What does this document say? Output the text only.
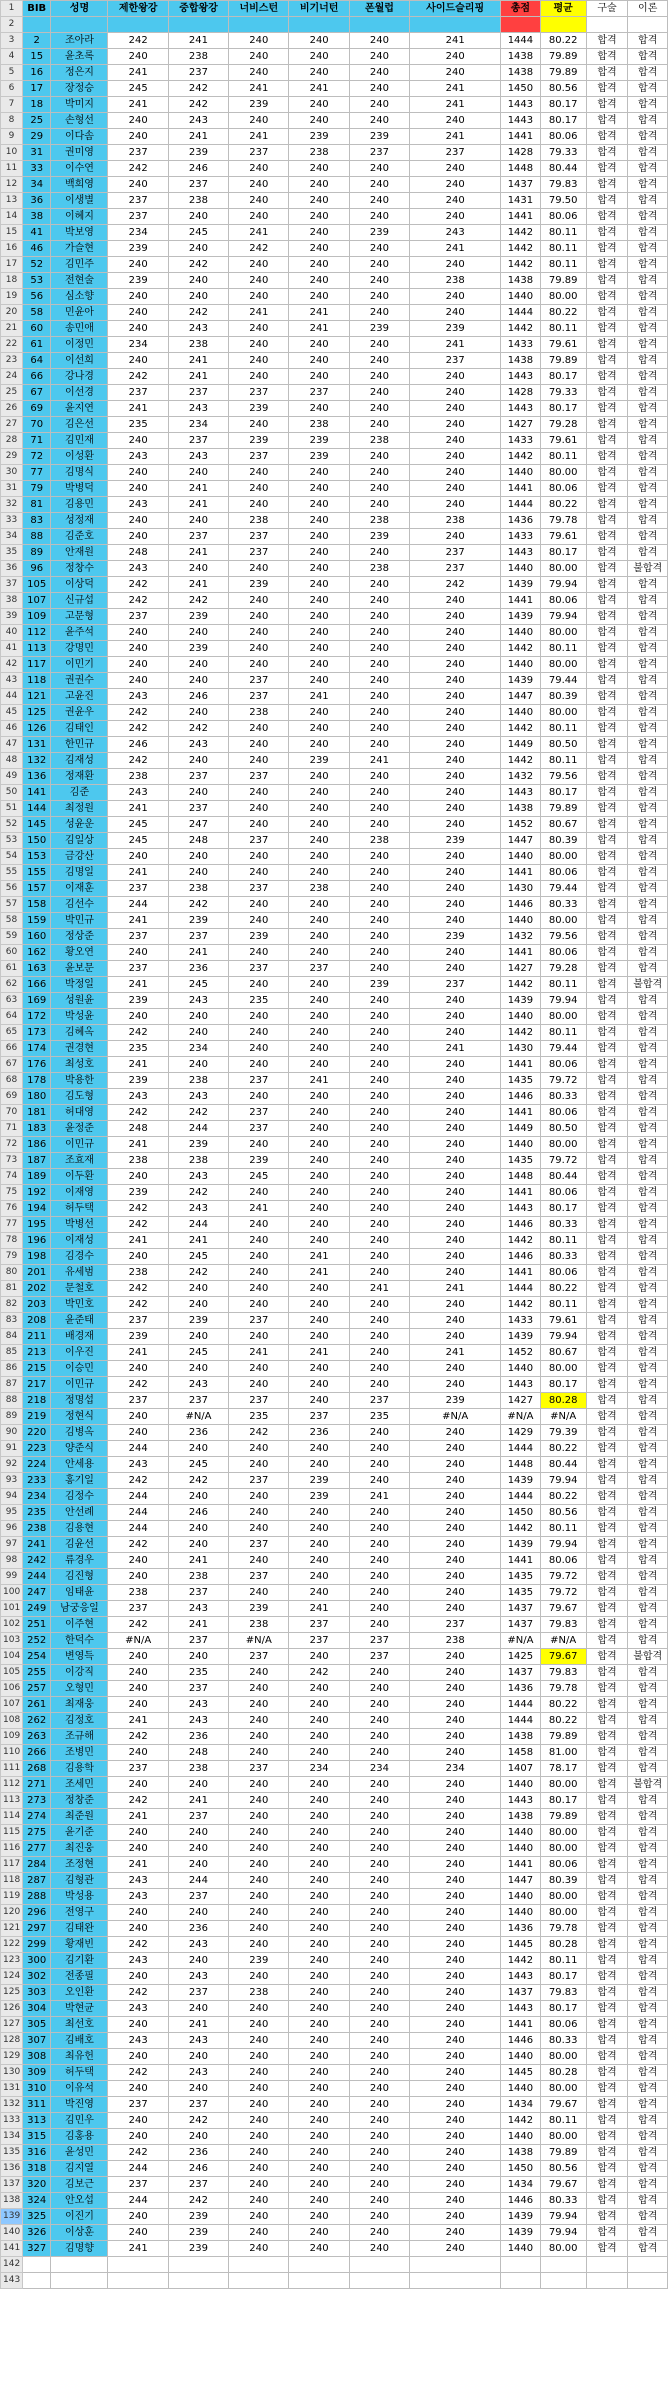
1	BIB	성명	제한왕강	중합왕강	너비스턴	비기너턴	폰월럽	사이드슬리핑	총점	평균	구술	이론
2												
3	2	조아라	242	241	240	240	240	241	1444	80.22	합격	합격
4	15	윤초록	240	238	240	240	240	240	1438	79.89	합격	합격
5	16	정은지	241	237	240	240	240	240	1438	79.89	합격	합격
6	17	장정승	245	242	241	241	240	241	1450	80.56	합격	합격
7	18	박미지	241	242	239	240	240	241	1443	80.17	합격	합격
8	25	손형선	240	243	240	240	240	240	1443	80.17	합격	합격
9	29	이다솜	240	241	241	239	239	241	1441	80.06	합격	합격
10	31	권미영	237	239	237	238	237	237	1428	79.33	합격	합격
11	33	이수연	242	246	240	240	240	240	1448	80.44	합격	합격
12	34	백희영	240	237	240	240	240	240	1437	79.83	합격	합격
13	36	이생별	237	238	240	240	240	240	1431	79.50	합격	합격
14	38	이혜지	237	240	240	240	240	240	1441	80.06	합격	합격
15	41	박보영	234	245	241	240	239	243	1442	80.11	합격	합격
16	46	가슬현	239	240	242	240	240	241	1442	80.11	합격	합격
17	52	김민주	240	242	240	240	240	240	1442	80.11	합격	합격
18	53	전현술	239	240	240	240	240	238	1438	79.89	합격	합격
19	56	심소향	240	240	240	240	240	240	1440	80.00	합격	합격
20	58	민윤아	240	242	241	241	240	240	1444	80.22	합격	합격
21	60	송민애	240	243	240	241	239	239	1442	80.11	합격	합격
22	61	이정민	234	238	240	240	240	241	1433	79.61	합격	합격
23	64	이선희	240	241	240	240	240	237	1438	79.89	합격	합격
24	66	강나경	242	241	240	240	240	240	1443	80.17	합격	합격
25	67	이선경	237	237	237	237	240	240	1428	79.33	합격	합격
26	69	윤지연	241	243	239	240	240	240	1443	80.17	합격	합격
27	70	김은선	235	234	240	238	240	240	1427	79.28	합격	합격
28	71	김민재	240	237	239	239	238	240	1433	79.61	합격	합격
29	72	이성환	243	243	237	239	240	240	1442	80.11	합격	합격
30	77	김명식	240	240	240	240	240	240	1440	80.00	합격	합격
31	79	박병덕	240	241	240	240	240	240	1441	80.06	합격	합격
32	81	김용민	243	241	240	240	240	240	1444	80.22	합격	합격
33	83	성정재	240	240	238	240	238	238	1436	79.78	합격	합격
34	88	김준호	240	237	237	240	239	240	1433	79.61	합격	합격
35	89	안재원	248	241	237	240	240	237	1443	80.17	합격	합격
36	96	정창수	243	240	240	240	238	237	1440	80.00	합격	불합격
37	105	이상덕	242	241	239	240	240	242	1439	79.94	합격	합격
38	107	신규섭	242	242	240	240	240	240	1441	80.06	합격	합격
39	109	고문형	237	239	240	240	240	240	1439	79.94	합격	합격
40	112	윤주석	240	240	240	240	240	240	1440	80.00	합격	합격
41	113	강명민	240	239	240	240	240	240	1442	80.11	합격	합격
42	117	이민기	240	240	240	240	240	240	1440	80.00	합격	합격
43	118	권권수	240	240	237	240	240	240	1439	79.44	합격	합격
44	121	고윤진	243	246	237	241	240	240	1447	80.39	합격	합격
45	125	권윤우	242	240	238	240	240	240	1440	80.00	합격	합격
46	126	김태인	242	242	240	240	240	240	1442	80.11	합격	합격
47	131	한민규	246	243	240	240	240	240	1449	80.50	합격	합격
48	132	김재성	242	240	240	239	241	240	1442	80.11	합격	합격
49	136	정재환	238	237	237	240	240	240	1432	79.56	합격	합격
50	141	김준	243	240	240	240	240	240	1443	80.17	합격	합격
51	144	최정원	241	237	240	240	240	240	1438	79.89	합격	합격
52	145	성윤운	245	247	240	240	240	240	1452	80.67	합격	합격
53	150	김일상	245	248	237	240	238	239	1447	80.39	합격	합격
54	153	금강산	240	240	240	240	240	240	1440	80.00	합격	합격
55	155	김명일	241	240	240	240	240	240	1441	80.06	합격	합격
56	157	이재훈	237	238	237	238	240	240	1430	79.44	합격	합격
57	158	김선수	244	242	240	240	240	240	1446	80.33	합격	합격
58	159	박민규	241	239	240	240	240	240	1440	80.00	합격	합격
59	160	정상준	237	237	239	240	240	239	1432	79.56	합격	합격
60	162	황오연	240	241	240	240	240	240	1441	80.06	합격	합격
61	163	윤보문	237	236	237	237	240	240	1427	79.28	합격	합격
62	166	박정일	241	245	240	240	239	237	1442	80.11	합격	불합격
63	169	성원윤	239	243	235	240	240	240	1439	79.94	합격	합격
64	172	박성윤	240	240	240	240	240	240	1440	80.00	합격	합격
65	173	김혜옥	242	240	240	240	240	240	1442	80.11	합격	합격
66	174	권경현	235	234	240	240	240	241	1430	79.44	합격	합격
67	176	최성호	241	240	240	240	240	240	1441	80.06	합격	합격
68	178	박용한	239	238	237	241	240	240	1435	79.72	합격	합격
69	180	김도형	243	243	240	240	240	240	1446	80.33	합격	합격
70	181	허대영	242	242	237	240	240	240	1441	80.06	합격	합격
71	183	윤정준	248	244	237	240	240	240	1449	80.50	합격	합격
72	186	이민규	241	239	240	240	240	240	1440	80.00	합격	합격
73	187	조효재	238	238	239	240	240	240	1435	79.72	합격	합격
74	189	이두환	240	243	245	240	240	240	1448	80.44	합격	합격
75	192	이재영	239	242	240	240	240	240	1441	80.06	합격	합격
76	194	허두택	242	243	241	240	240	240	1443	80.17	합격	합격
77	195	박병선	242	244	240	240	240	240	1446	80.33	합격	합격
78	196	이재성	241	241	240	240	240	240	1442	80.11	합격	합격
79	198	김경수	240	245	240	241	240	240	1446	80.33	합격	합격
80	201	유세범	238	242	240	241	240	240	1441	80.06	합격	합격
81	202	문철호	242	240	240	240	241	241	1444	80.22	합격	합격
82	203	박민호	242	240	240	240	240	240	1442	80.11	합격	합격
83	208	윤준태	237	239	237	240	240	240	1433	79.61	합격	합격
84	211	배경재	239	240	240	240	240	240	1439	79.94	합격	합격
85	213	이우진	241	245	241	241	240	241	1452	80.67	합격	합격
86	215	이승민	240	240	240	240	240	240	1440	80.00	합격	합격
87	217	이민규	242	243	240	240	240	240	1443	80.17	합격	합격
88	218	정명섭	237	237	237	240	237	239	1427	80.28	합격	합격
89	219	정현식	240	#N/A	235	237	235	#N/A	#N/A	#N/A	합격	합격
90	220	김병옥	240	236	242	236	240	240	1429	79.39	합격	합격
91	223	양준식	244	240	240	240	240	240	1444	80.22	합격	합격
92	224	안세용	243	245	240	240	240	240	1448	80.44	합격	합격
93	233	홍기일	242	242	237	239	240	240	1439	79.94	합격	합격
94	234	김정수	244	240	240	239	241	240	1444	80.22	합격	합격
95	235	안선례	244	246	240	240	240	240	1450	80.56	합격	합격
96	238	김용현	244	240	240	240	240	240	1442	80.11	합격	합격
97	241	김윤선	242	240	237	240	240	240	1439	79.94	합격	합격
98	242	류경우	240	241	240	240	240	240	1441	80.06	합격	합격
99	244	김진형	240	238	237	240	240	240	1435	79.72	합격	합격
100	247	임태윤	238	237	240	240	240	240	1435	79.72	합격	합격
101	249	남궁응일	237	243	239	241	240	240	1437	79.67	합격	합격
102	251	이주현	242	241	238	237	240	237	1437	79.83	합격	합격
103	252	한덕수	#N/A	237	#N/A	237	237	238	#N/A	#N/A	합격	합격
104	254	변영득	240	240	237	240	237	240	1425	79.67	합격	불합격
105	255	이강직	240	235	240	242	240	240	1437	79.83	합격	합격
106	257	오형민	240	237	240	240	240	240	1436	79.78	합격	합격
107	261	최재웅	240	243	240	240	240	240	1444	80.22	합격	합격
108	262	김정호	241	243	240	240	240	240	1444	80.22	합격	합격
109	263	조규해	242	236	240	240	240	240	1438	79.89	합격	합격
110	266	조병민	240	248	240	240	240	240	1458	81.00	합격	합격
111	268	김용학	237	238	237	234	234	234	1407	78.17	합격	합격
112	271	조세민	240	240	240	240	240	240	1440	80.00	합격	불합격
113	273	정창준	242	241	240	240	240	240	1443	80.17	합격	합격
114	274	최준원	241	237	240	240	240	240	1438	79.89	합격	합격
115	275	윤기준	240	240	240	240	240	240	1440	80.00	합격	합격
116	277	최진웅	240	240	240	240	240	240	1440	80.00	합격	합격
117	284	조정현	241	240	240	240	240	240	1441	80.06	합격	합격
118	287	김형관	243	244	240	240	240	240	1447	80.39	합격	합격
119	288	박성용	243	237	240	240	240	240	1440	80.00	합격	합격
120	296	전영구	240	240	240	240	240	240	1440	80.00	합격	합격
121	297	김태완	240	236	240	240	240	240	1436	79.78	합격	합격
122	299	황재빈	242	243	240	240	240	240	1445	80.28	합격	합격
123	300	김기환	243	240	239	240	240	240	1442	80.11	합격	합격
124	302	전종필	240	243	240	240	240	240	1443	80.17	합격	합격
125	303	오인환	242	237	238	240	240	240	1437	79.83	합격	합격
126	304	박현균	243	240	240	240	240	240	1443	80.17	합격	합격
127	305	최선호	240	241	240	240	240	240	1441	80.06	합격	합격
128	307	김배호	243	243	240	240	240	240	1446	80.33	합격	합격
129	308	최유헌	240	240	240	240	240	240	1440	80.00	합격	합격
130	309	허두택	242	243	240	240	240	240	1445	80.28	합격	합격
131	310	이유석	240	240	240	240	240	240	1440	80.00	합격	합격
132	311	박진영	237	237	240	240	240	240	1434	79.67	합격	합격
133	313	김민우	240	242	240	240	240	240	1442	80.11	합격	합격
134	315	김홍용	240	240	240	240	240	240	1440	80.00	합격	합격
135	316	윤성민	242	236	240	240	240	240	1438	79.89	합격	합격
136	318	김지열	244	246	240	240	240	240	1450	80.56	합격	합격
137	320	김보근	237	237	240	240	240	240	1434	79.67	합격	합격
138	324	안오섭	244	242	240	240	240	240	1446	80.33	합격	합격
139	325	이진기	240	239	240	240	240	240	1439	79.94	합격	합격
140	326	이상훈	240	239	240	240	240	240	1439	79.94	합격	합격
141	327	김명향	241	239	240	240	240	240	1440	80.00	합격	합격
142												
143												
